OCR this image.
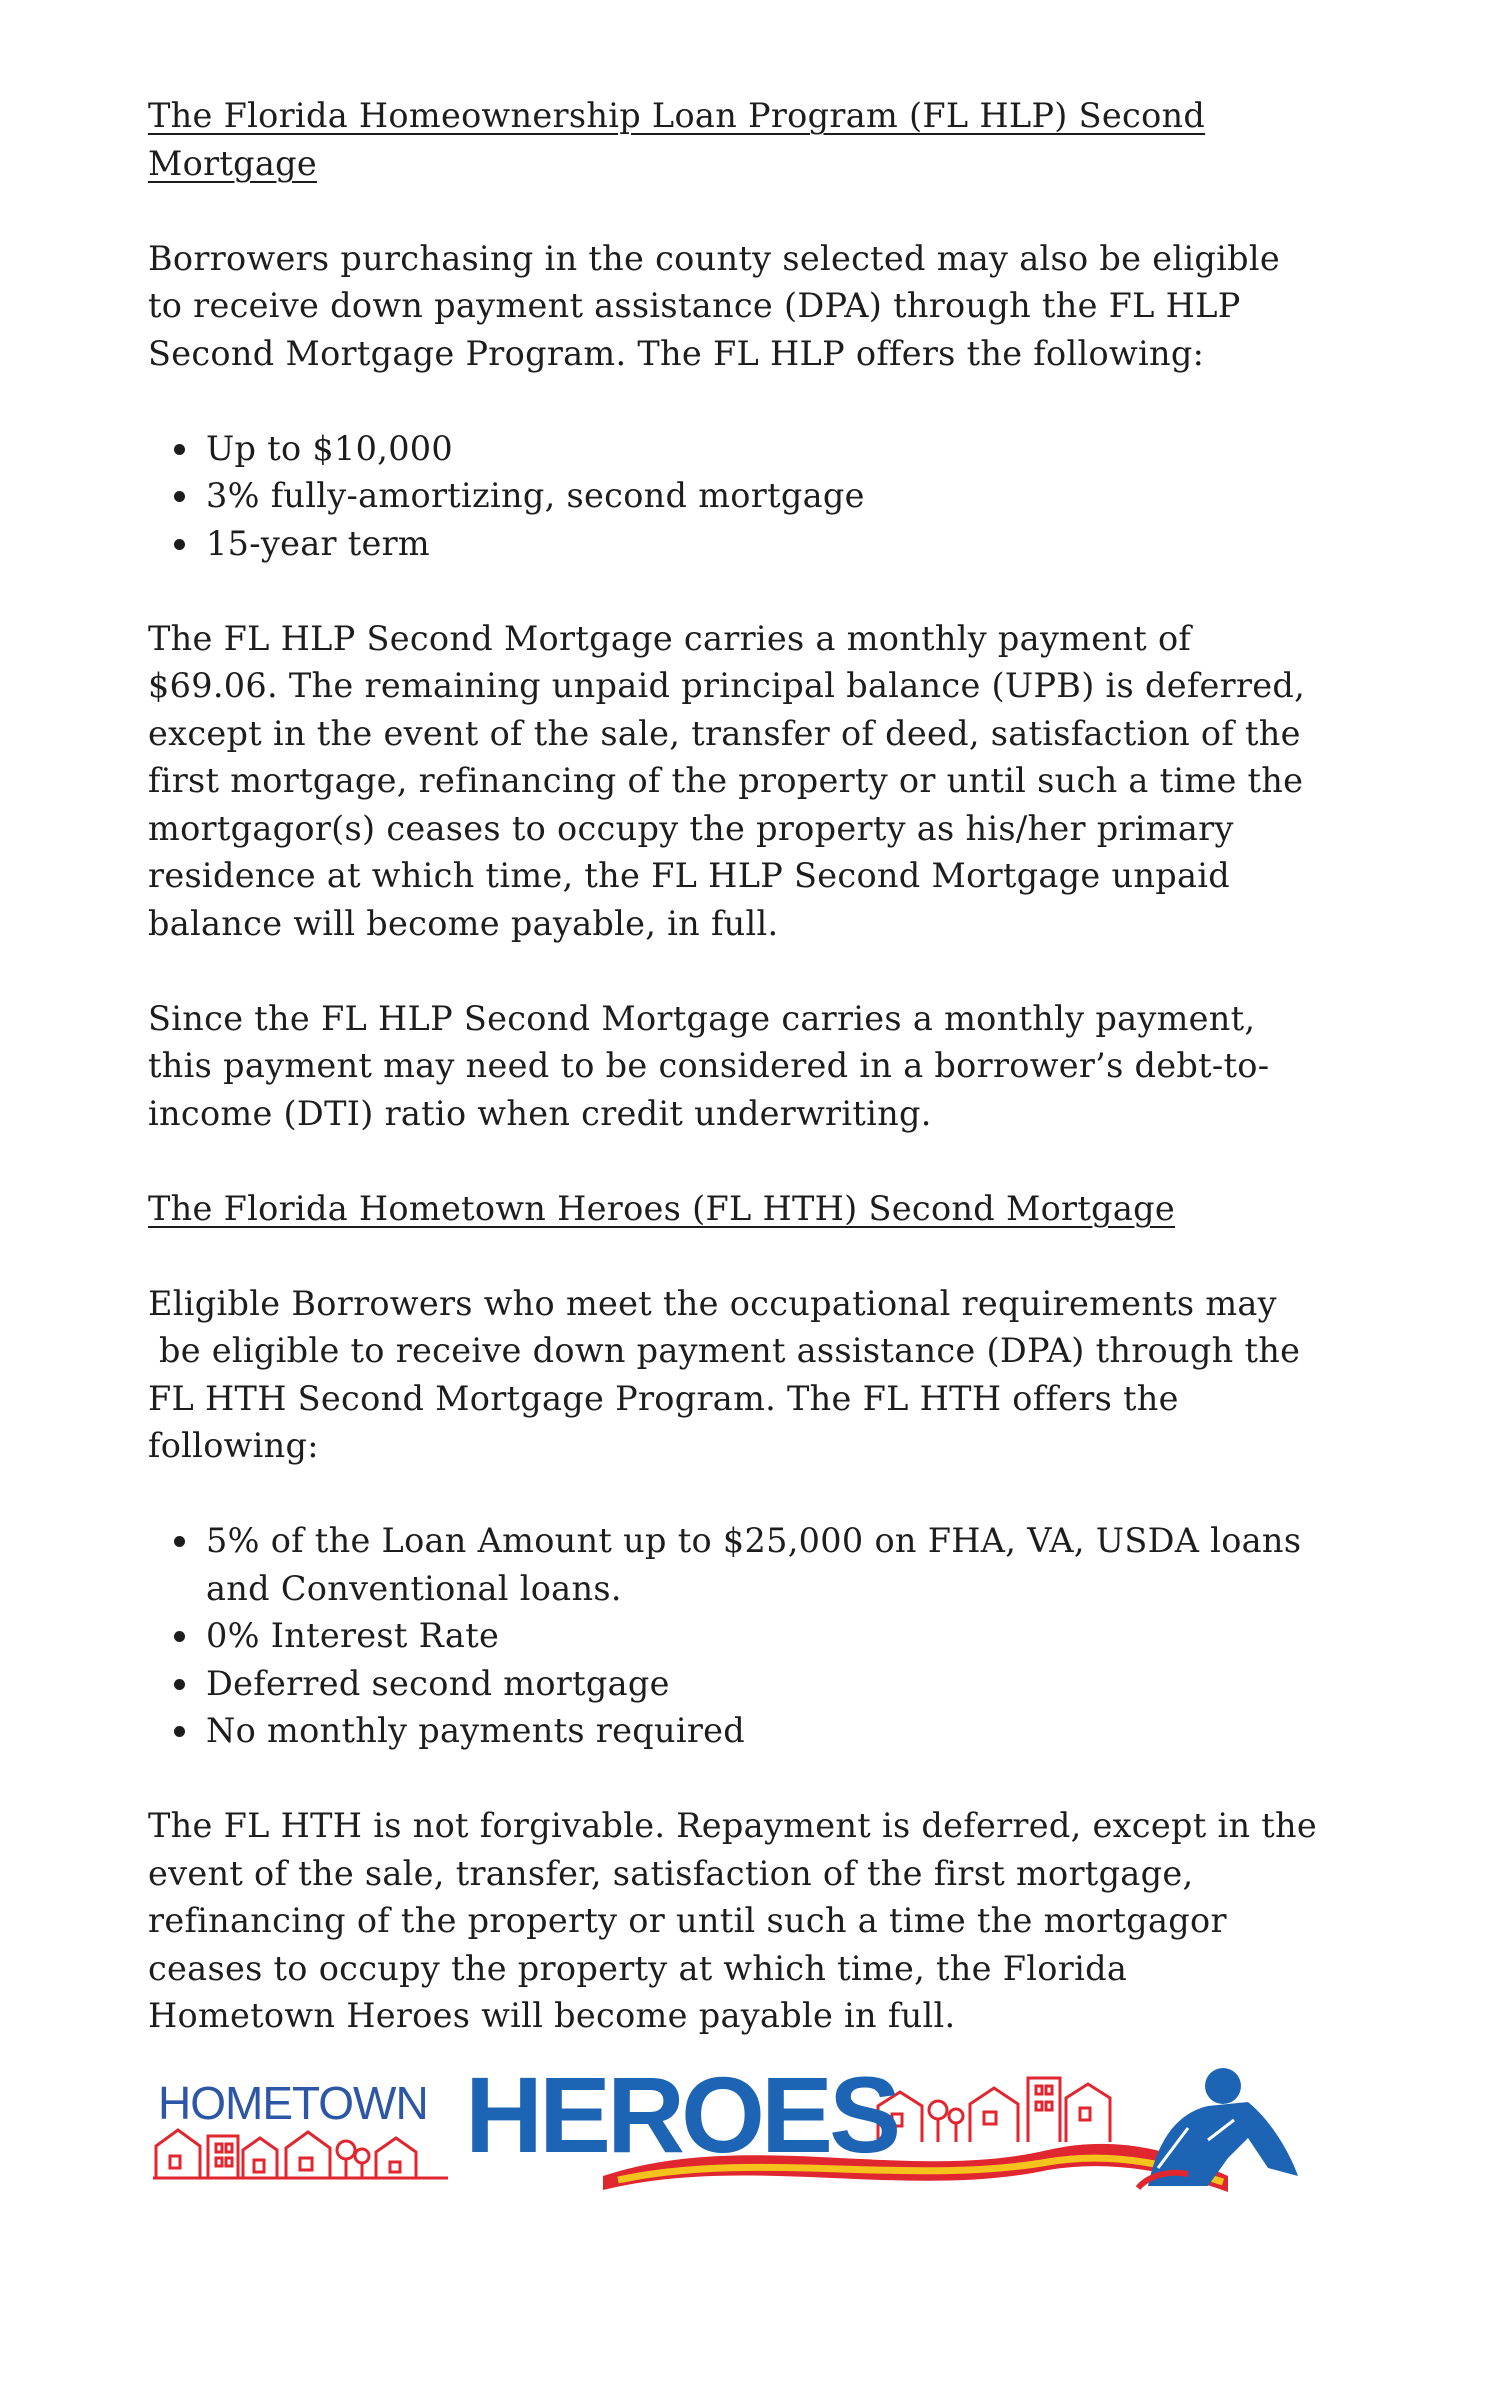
The Florida Homeownership Loan Program (FL HLP) Second
Mortgage

Borrowers purchasing in the county selected may also be eligible
to receive down payment assistance (DPA) through the FL HLP
Second Mortgage Program. The FL HLP offers the following:

Up to $10,000
3% fully-amortizing, second mortgage
15-year term

The FL HLP Second Mortgage carries a monthly payment of
$69.06. The remaining unpaid principal balance (UPB) is deferred,
except in the event of the sale, transfer of deed, satisfaction of the
first mortgage, refinancing of the property or until such a time the
mortgagor(s) ceases to occupy the property as his/her primary
residence at which time, the FL HLP Second Mortgage unpaid
balance will become payable, in full.

Since the FL HLP Second Mortgage carries a monthly payment,
this payment may need to be considered in a borrower’s debt-to-
income (DTI) ratio when credit underwriting.

The Florida Hometown Heroes (FL HTH) Second Mortgage

Eligible Borrowers who meet the occupational requirements may
be eligible to receive down payment assistance (DPA) through the
FL HTH Second Mortgage Program. The FL HTH offers the
following:

5% of the Loan Amount up to $25,000 on FHA, VA, USDA loans
and Conventional loans.
0% Interest Rate
Deferred second mortgage
No monthly payments required

The FL HTH is not forgivable. Repayment is deferred, except in the
event of the sale, transfer, satisfaction of the first mortgage,
refinancing of the property or until such a time the mortgagor
ceases to occupy the property at which time, the Florida
Hometown Heroes will become payable in full.

HOMETOWN HEROES
